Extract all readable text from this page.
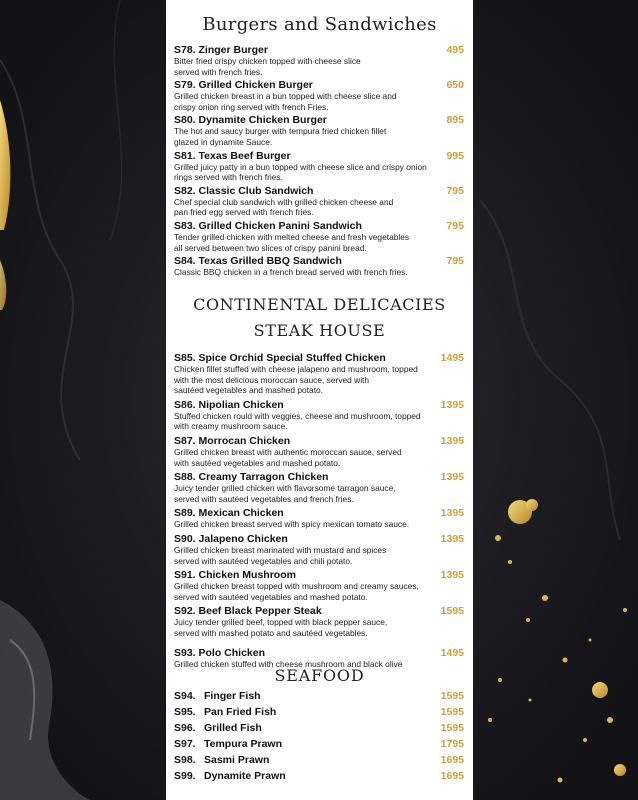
Burgers and Sandwiches
S78. Zinger Burger	495
Bitter fried crispy chicken topped with cheese slice
served with french fries.
S79. Grilled Chicken Burger	650
Grilled chicken breast in a bun topped with cheese slice and
crispy onion ring served with french Fries.
S80. Dynamite Chicken Burger	895
The hot and saucy burger with tempura fried chicken fillet
glazed in dynamite Sauce.
S81. Texas Beef Burger	995
Grilled juicy patty in a bun topped with cheese slice and crispy onion
rings served with french fries.
S82. Classic Club Sandwich	795
Chef special club sandwich with grilled chicken cheese and
pan fried egg served with french fries.
S83. Grilled Chicken Panini Sandwich	795
Tender grilled chicken with melted cheese and fresh vegetables
all served between two slices of crispy panini bread.
S84. Texas Grilled BBQ Sandwich	795
Classic BBQ chicken in a french bread served with french fries.
CONTINENTAL DELICACIES
STEAK HOUSE
S85. Spice Orchid Special Stuffed Chicken	1495
Chicken fillet stuffed with cheese jalapeno and mushroom, topped
with the most delicious moroccan sauce, served with
sautéed vegetables and mashed potato.
S86. Nipolian Chicken	1395
Stuffed chicken rould with veggies, cheese and mushroom, topped
with creamy mushroom sauce.
S87. Morrocan Chicken	1395
Grilled chicken breast with authentic moroccan sauce, served
with sautéed vegetables and mashed potato.
S88. Creamy Tarragon Chicken	1395
Juicy tender grilled chicken with flavorsome tarragon sauce,
served with sautéed vegetables and french fries.
S89. Mexican Chicken	1395
Grilled chicken breast served with spicy mexican tomato sauce.
S90. Jalapeno Chicken	1395
Grilled chicken breast marinated with mustard and spices
served with sautéed vegetables and chili potato.
S91. Chicken Mushroom	1395
Grilled chicken breast topped with mushroom and creamy sauces,
served with sautéed vegetables and mashed potato.
S92. Beef Black Pepper Steak	1595
Juicy tender grilled beef, topped with black pepper sauce,
served with mashed potato and sautéed vegetables.
S93. Polo Chicken	1495
Grilled chicken stuffed with cheese mushroom and black olive
SEAFOOD
S94. Finger Fish	1595
S95. Pan Fried Fish	1595
S96. Grilled Fish	1595
S97. Tempura Prawn	1795
S98. Sasmi Prawn	1695
S99. Dynamite Prawn	1695
